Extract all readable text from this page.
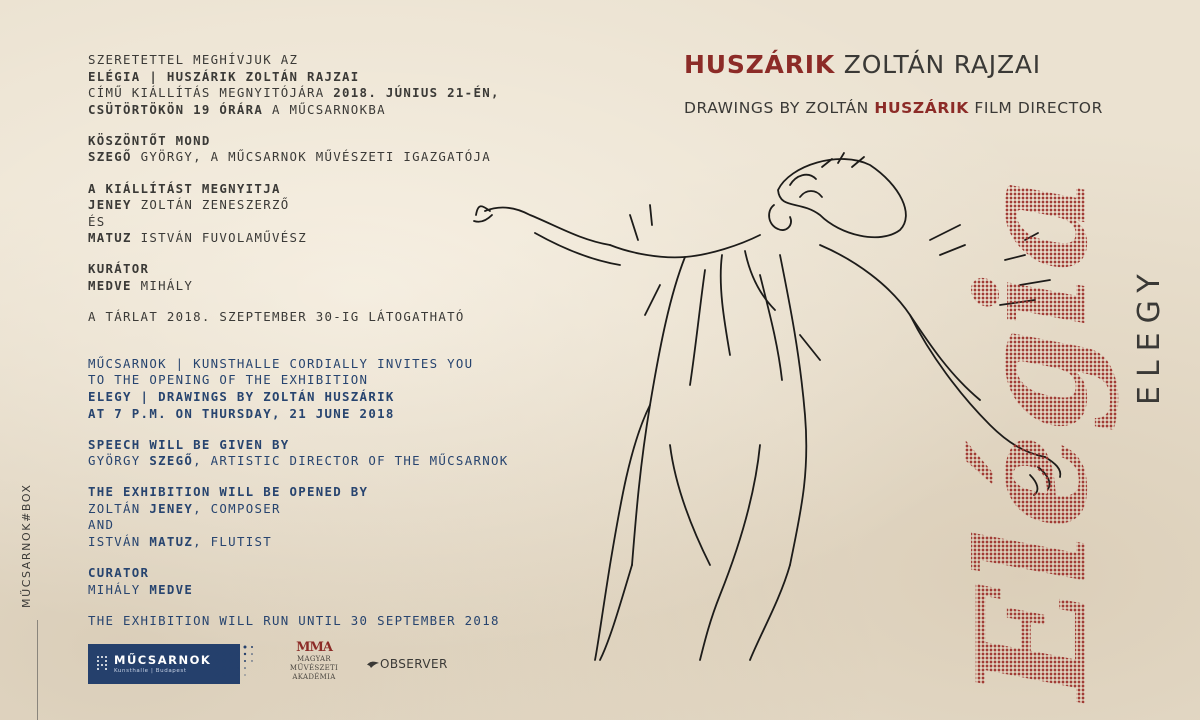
SZERETETTEL MEGHÍVJUK AZ
ELÉGIA | HUSZÁRIK ZOLTÁN RAJZAI
CÍMŰ KIÁLLÍTÁS MEGNYITÓJÁRA 2018. JÚNIUS 21-ÉN,
CSÜTÖRTÖKÖN 19 ÓRÁRA A MŰCSARNOKBA
KÖSZÖNTŐT MOND
SZEGŐ GYÖRGY, A MŰCSARNOK MŰVÉSZETI IGAZGATÓJA
A KIÁLLÍTÁST MEGNYITJA
JENEY ZOLTÁN ZENESZERZŐ
ÉS
MATUZ ISTVÁN FUVOLAMŰVÉSZ
KURÁTOR
MEDVE MIHÁLY
A TÁRLAT 2018. SZEPTEMBER 30-IG LÁTOGATHATÓ
MŰCSARNOK | KUNSTHALLE CORDIALLY INVITES YOU
TO THE OPENING OF THE EXHIBITION
ELEGY | DRAWINGS BY ZOLTÁN HUSZÁRIK
AT 7 P.M. ON THURSDAY, 21 JUNE 2018
SPEECH WILL BE GIVEN BY
GYÖRGY SZEGŐ, ARTISTIC DIRECTOR OF THE MŰCSARNOK
THE EXHIBITION WILL BE OPENED BY
ZOLTÁN JENEY, COMPOSER
AND
ISTVÁN MATUZ, FLUTIST
CURATOR
MIHÁLY MEDVE
THE EXHIBITION WILL RUN UNTIL 30 SEPTEMBER 2018
MŰCSARNOK#BOX
HUSZÁRIK ZOLTÁN RAJZAI
DRAWINGS BY ZOLTÁN HUSZÁRIK FILM DIRECTOR
Elégia ELEGY
MŰCSARNOK
Kunsthalle | Budapest
MMA
MAGYAR
MŰVÉSZETI
AKADÉMIA
OBSERVER
